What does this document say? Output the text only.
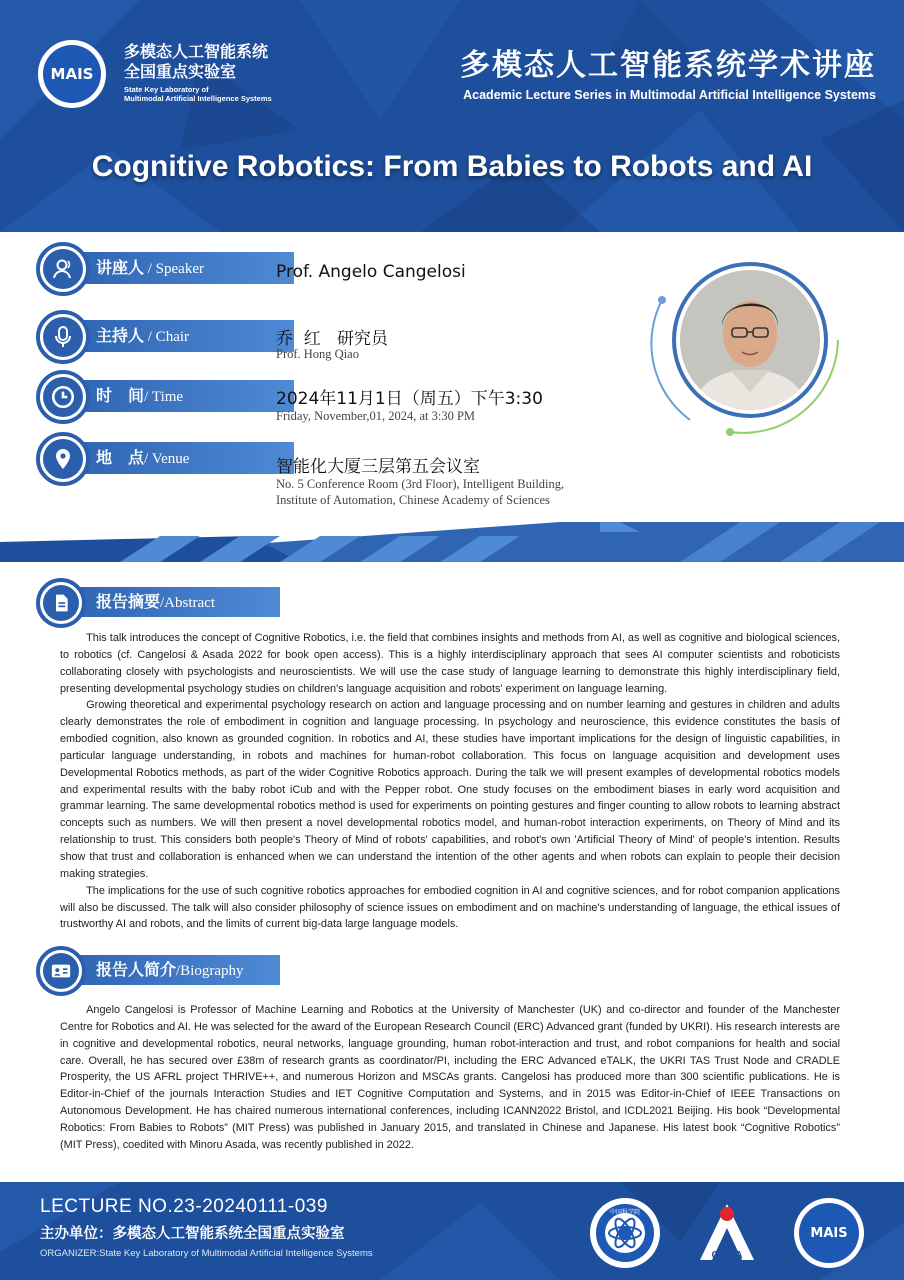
MAIS
多模态人工智能系统
全国重点实验室
State Key Laboratory of
Multimodal Artificial Intelligence Systems
多模态人工智能系统学术讲座
Academic Lecture Series in Multimodal Artificial Intelligence Systems
Cognitive Robotics: From Babies to Robots and AI
讲座人 / Speaker	Prof. Angelo Cangelosi
主持人 / Chair	乔  红   研究员
Prof. Hong Qiao
时　间/ Time	2024年11月1日（周五）下午3:30
Friday, November,01, 2024, at 3:30 PM
地　点/ Venue	智能化大厦三层第五会议室
No. 5 Conference Room (3rd Floor), Intelligent Building,
Institute of Automation, Chinese Academy of Sciences
报告摘要/Abstract

This talk introduces the concept of Cognitive Robotics, i.e. the field that combines insights and methods from AI, as well as cognitive and biological sciences, to robotics (cf. Cangelosi & Asada 2022 for book open access). This is a highly interdisciplinary approach that sees AI computer scientists and roboticists collaborating closely with psychologists and neuroscientists. We will use the case study of language learning to demonstrate this highly interdisciplinary field, presenting developmental psychology studies on children's language acquisition and robots' experiment on language learning.

Growing theoretical and experimental psychology research on action and language processing and on number learning and gestures in children and adults clearly demonstrates the role of embodiment in cognition and language processing. In psychology and neuroscience, this evidence constitutes the basis of embodied cognition, also known as grounded cognition. In robotics and AI, these studies have important implications for the design of linguistic capabilities, in particular language understanding, in robots and machines for human-robot collaboration. This focus on language acquisition and development uses Developmental Robotics methods, as part of the wider Cognitive Robotics approach. During the talk we will present examples of developmental robotics models and experimental results with the baby robot iCub and with the Pepper robot. One study focuses on the embodiment biases in early word acquisition and grammar learning. The same developmental robotics method is used for experiments on pointing gestures and finger counting to allow robots to learning abstract concepts such as numbers. We will then present a novel developmental robotics model, and human-robot interaction experiments, on Theory of Mind and its relationship to trust. This considers both people's Theory of Mind of robots' capabilities, and robot's own 'Artificial Theory of Mind' of people's intention. Results show that trust and collaboration is enhanced when we can understand the intention of the other agents and when robots can explain to people their decision making strategies.

The implications for the use of such cognitive robotics approaches for embodied cognition in AI and cognitive sciences, and for robot companion applications will also be discussed. The talk will also consider philosophy of science issues on embodiment and on machine's understanding of language, the ethical issues of trustworthy AI and robots, and the limits of current big-data large language models.

报告人简介/Biography

Angelo Cangelosi is Professor of Machine Learning and Robotics at the University of Manchester (UK) and co-director and founder of the Manchester Centre for Robotics and AI. He was selected for the award of the European Research Council (ERC) Advanced grant (funded by UKRI). His research interests are in cognitive and developmental robotics, neural networks, language grounding, human robot-interaction and trust, and robot companions for health and social care. Overall, he has secured over £38m of research grants as coordinator/PI, including the ERC Advanced eTALK, the UKRI TAS Trust Node and CRADLE Prosperity, the US AFRL project THRIVE++, and numerous Horizon and MSCAs grants. Cangelosi has produced more than 300 scientific publications. He is Editor-in-Chief of the journals Interaction Studies and IET Cognitive Computation and Systems, and in 2015 was Editor-in-Chief of IEEE Transactions on Autonomous Development. He has chaired numerous international conferences, including ICANN2022 Bristol, and ICDL2021 Beijing. His book “Developmental Robotics: From Babies to Robots” (MIT Press) was published in January 2015, and translated in Chinese and Japanese. His latest book “Cognitive Robotics” (MIT Press), coedited with Minoru Asada, was recently published in 2022.

LECTURE NO.23-20240111-039
主办单位：多模态人工智能系统全国重点实验室
ORGANIZER:State Key Laboratory of Multimodal Artificial Intelligence Systems
中国科学院
CASIA
MAIS
